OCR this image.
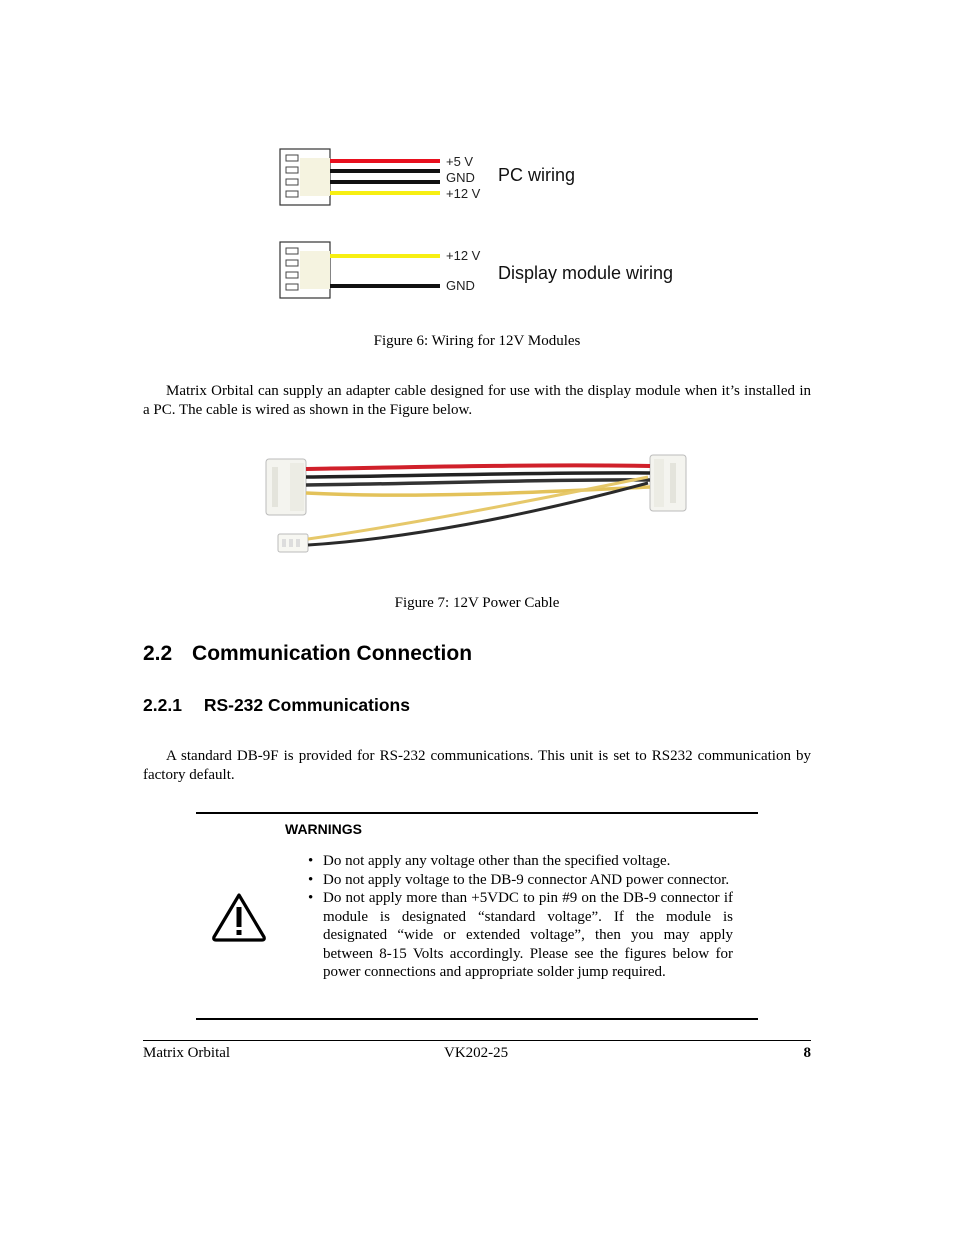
+5 V
GND
+12 V
PC wiring
+12 V
GND
Display module wiring
Figure 6: Wiring for 12V Modules
Matrix Orbital can supply an adapter cable designed for use with the display module when it’s installed in a PC. The cable is wired as shown in the Figure below.
Figure 7: 12V Power Cable
2.2 Communication Connection
2.2.1 RS-232 Communications
A standard DB-9F is provided for RS-232 communications. This unit is set to RS232 communication by factory default.
WARNINGS
• Do not apply any voltage other than the specified voltage.
• Do not apply voltage to the DB-9 connector AND power connector.
• Do not apply more than +5VDC to pin #9 on the DB-9 connector if module is designated “standard voltage”. If the module is designated “wide or extended voltage”, then you may apply between 8-15 Volts accordingly. Please see the figures below for power connections and appropriate solder jump required.
Matrix Orbital	VK202-25	8
